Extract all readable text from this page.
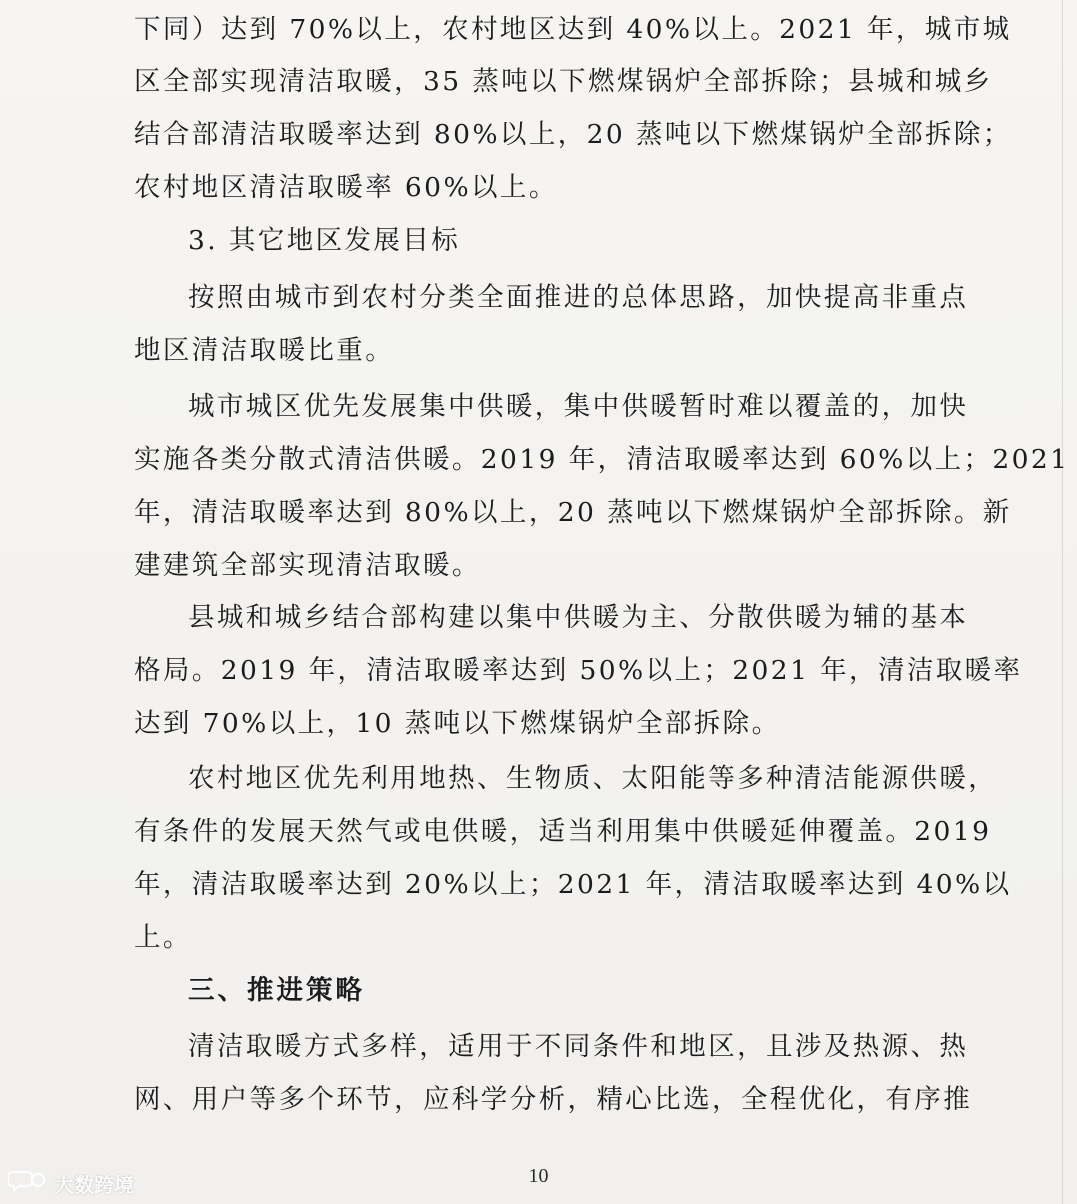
下同）达到 70%以上，农村地区达到 40%以上。2021 年，城市城
区全部实现清洁取暖，35 蒸吨以下燃煤锅炉全部拆除；县城和城乡
结合部清洁取暖率达到 80%以上，20 蒸吨以下燃煤锅炉全部拆除；
农村地区清洁取暖率 60%以上。
3. 其它地区发展目标
按照由城市到农村分类全面推进的总体思路，加快提高非重点
地区清洁取暖比重。
城市城区优先发展集中供暖，集中供暖暂时难以覆盖的，加快
实施各类分散式清洁供暖。2019 年，清洁取暖率达到 60%以上；2021
年，清洁取暖率达到 80%以上，20 蒸吨以下燃煤锅炉全部拆除。新
建建筑全部实现清洁取暖。
县城和城乡结合部构建以集中供暖为主、分散供暖为辅的基本
格局。2019 年，清洁取暖率达到 50%以上；2021 年，清洁取暖率
达到 70%以上，10 蒸吨以下燃煤锅炉全部拆除。
农村地区优先利用地热、生物质、太阳能等多种清洁能源供暖，
有条件的发展天然气或电供暖，适当利用集中供暖延伸覆盖。2019
年，清洁取暖率达到 20%以上；2021 年，清洁取暖率达到 40%以
上。
三、推进策略
清洁取暖方式多样，适用于不同条件和地区，且涉及热源、热
网、用户等多个环节，应科学分析，精心比选，全程优化，有序推
10
大数跨境
